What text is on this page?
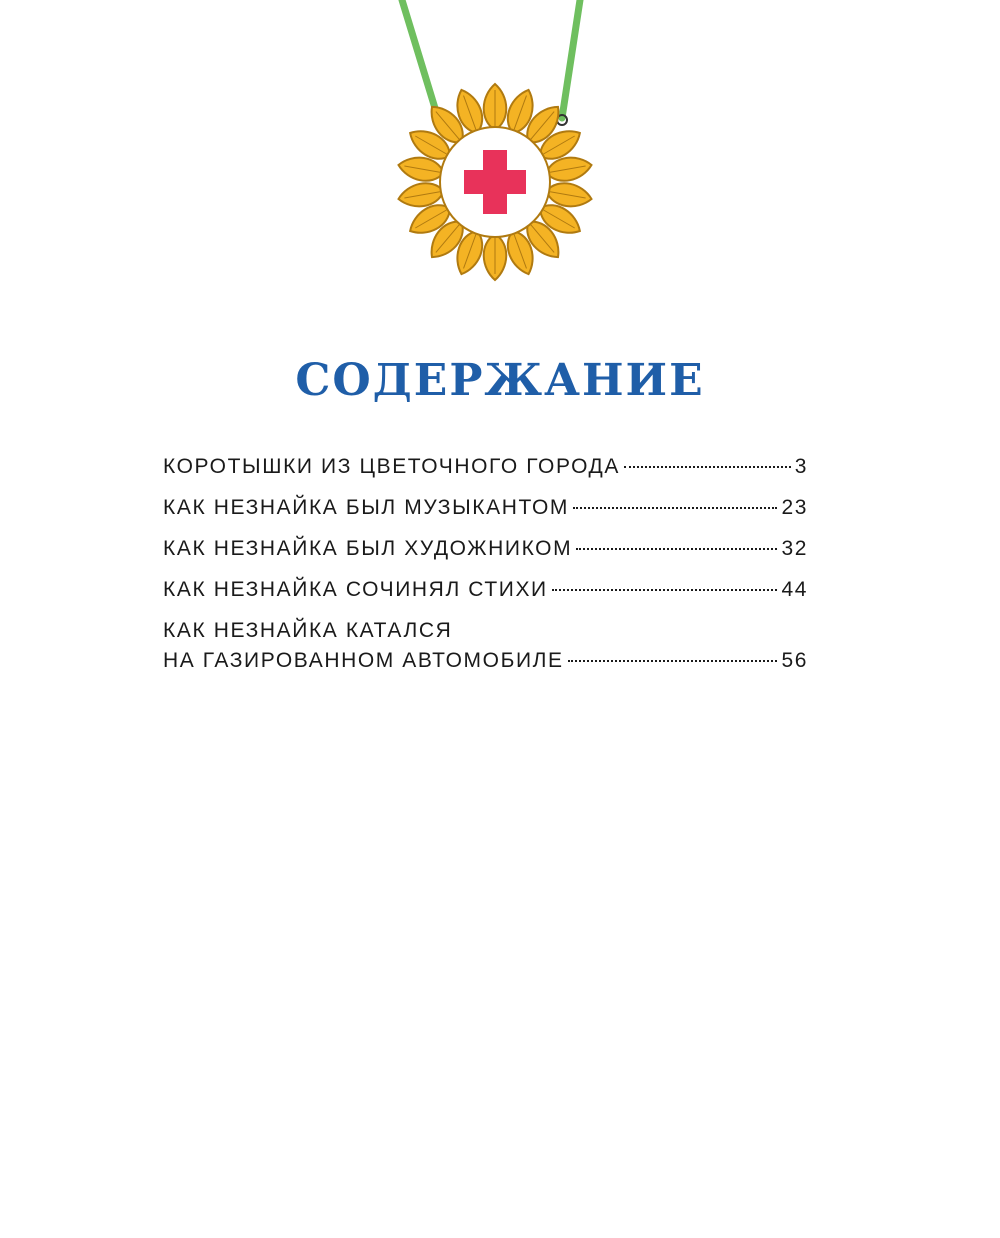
СОДЕРЖАНИЕ
КОРОТЫШКИ ИЗ ЦВЕТОЧНОГО ГОРОДА	3
КАК НЕЗНАЙКА БЫЛ МУЗЫКАНТОМ	23
КАК НЕЗНАЙКА БЫЛ ХУДОЖНИКОМ	32
КАК НЕЗНАЙКА СОЧИНЯЛ СТИХИ	44
КАК НЕЗНАЙКА КАТАЛСЯ
НА ГАЗИРОВАННОМ АВТОМОБИЛЕ	56
